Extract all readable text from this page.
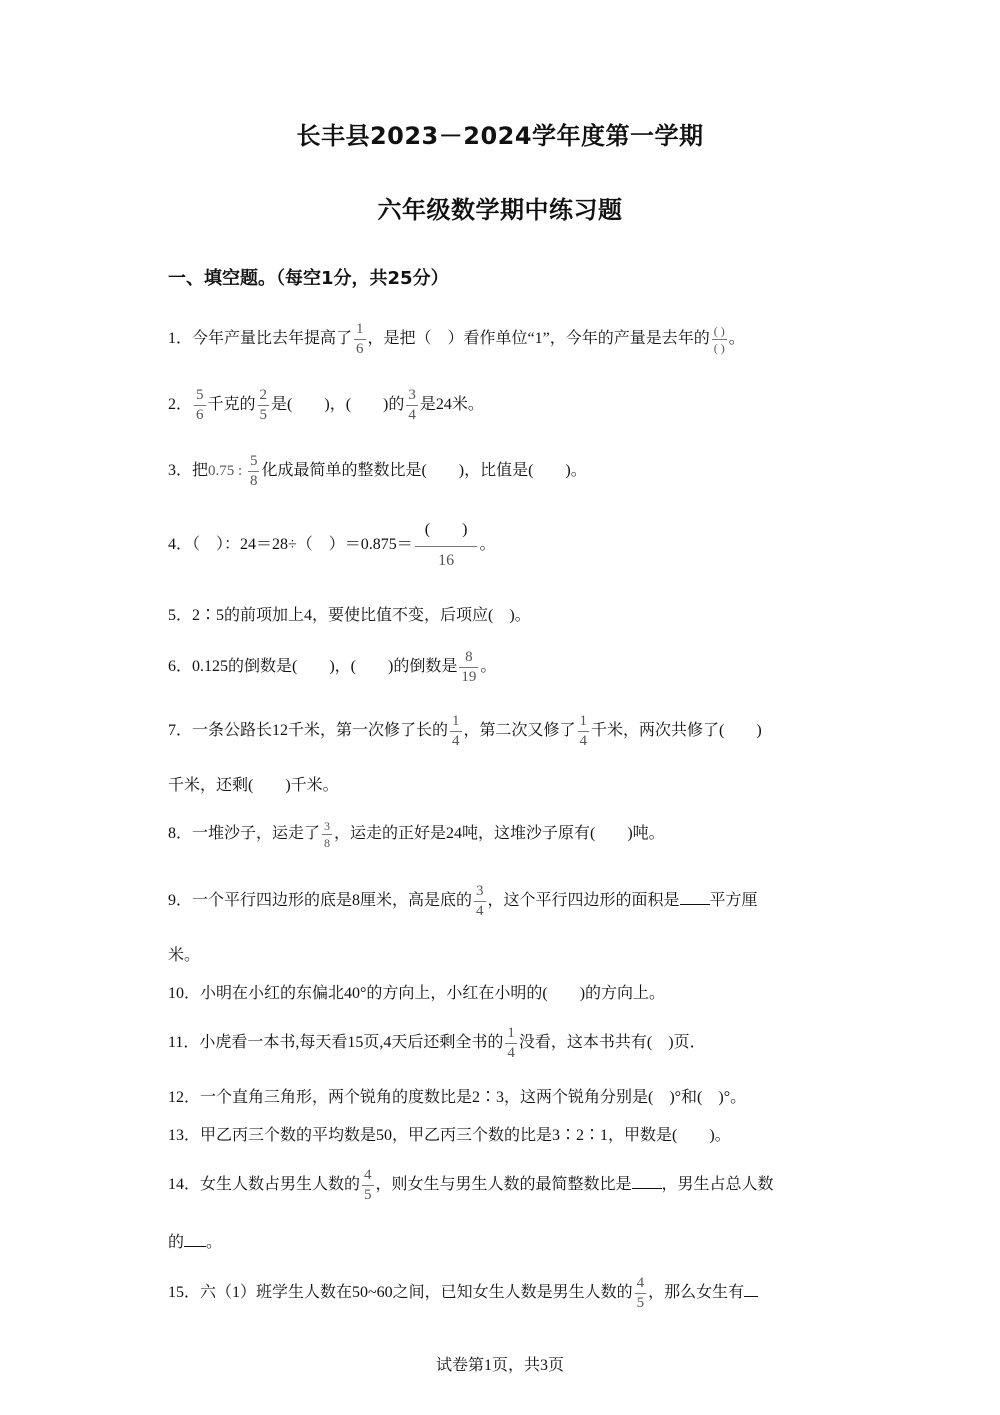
长丰县2023－2024学年度第一学期
六年级数学期中练习题
一、填空题。（每空1分，共25分）
1．今年产量比去年提高了 $\frac{1}{6}$ ，是把（　）看作单位“1”，今年的产量是去年的 $\frac{( )}{( )}$ 。
2． $\frac{5}{6}$ 千克的 $\frac{2}{5}$ 是(　　)，(　　)的 $\frac{3}{4}$ 是24米。
3．把0.75 : $\frac{5}{8}$ 化成最简单的整数比是(　　)，比值是(　　)。
4．（　）：24＝28÷（　）$=0.875= \frac{( )}{16}$ 。
5．2∶5的前项加上4，要使比值不变，后项应(　)。
6．0.125的倒数是(　　)，(　　)的倒数是 $\frac{8}{19}$ 。
7．一条公路长12千米，第一次修了长的 $\frac{1}{4}$ ，第二次又修了 $\frac{1}{4}$ 千米，两次共修了(　　)
千米，还剩(　　)千米。
8．一堆沙子，运走了 $\frac{3}{8}$ ，运走的正好是24吨，这堆沙子原有(　　)吨。
9．一个平行四边形的底是8厘米，高是底的 $\frac{3}{4}$ ，这个平行四边形的面积是 平方厘
米。
10．小明在小红的东偏北40°的方向上，小红在小明的(　　)的方向上。
11．小虎看一本书,每天看15页,4天后还剩全书的 $\frac{1}{4}$ 没看，这本书共有(　)页．
12．一个直角三角形，两个锐角的度数比是2∶3，这两个锐角分别是(　)°和(　)°。
13．甲乙丙三个数的平均数是50，甲乙丙三个数的比是3∶2∶1，甲数是(　　)。
14．女生人数占男生人数的 $\frac{4}{5}$ ，则女生与男生人数的最简整数比是 ，男生占总人数
的 。
15．六（1）班学生人数在50~60之间，已知女生人数是男生人数的 $\frac{4}{5}$ ，那么女生有
试卷第1页，共3页
